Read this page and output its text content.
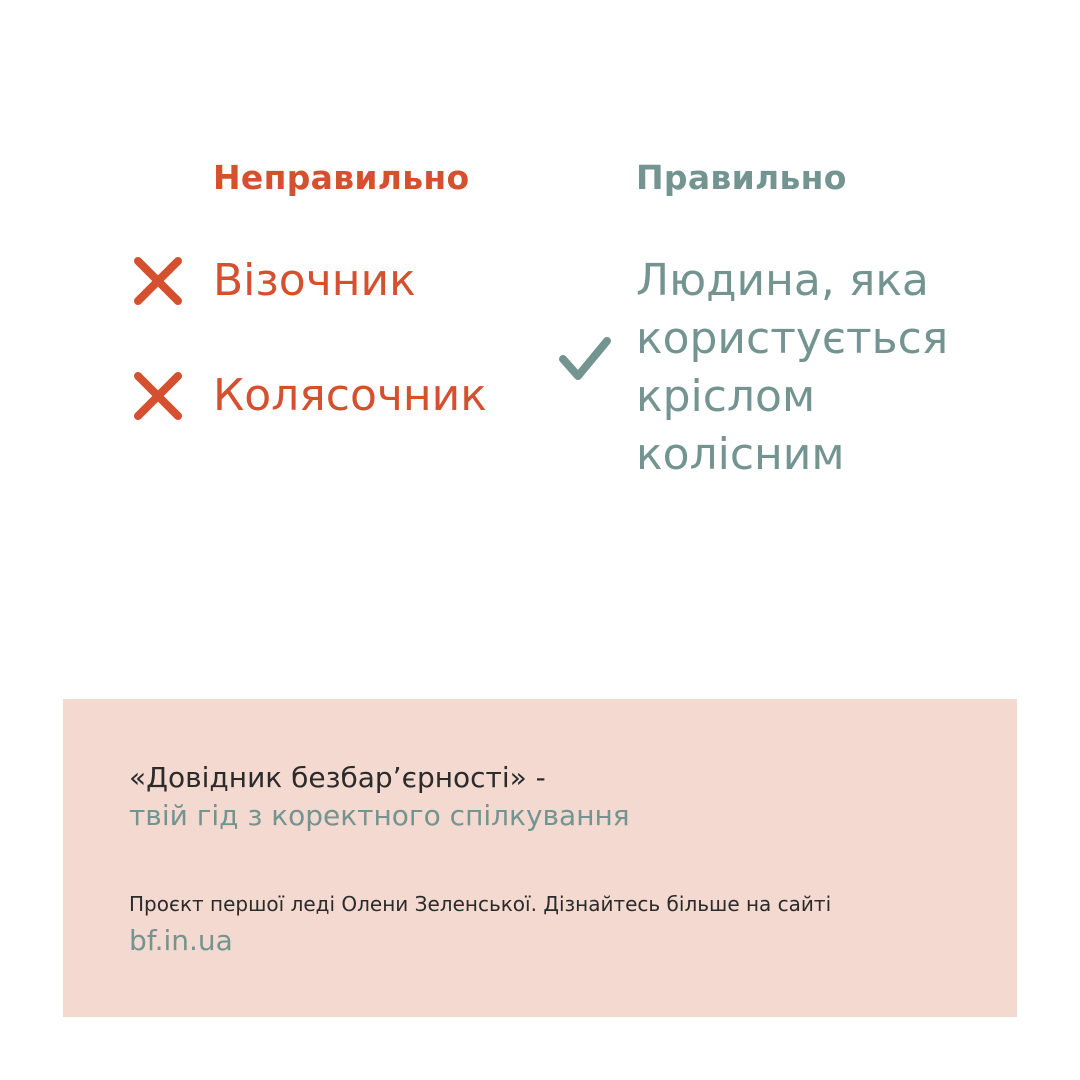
Неправильно	Правильно
Візочник
Колясочник
Людина, яка користується кріслом колісним
«Довідник безбар’єрності» -
твій гід з коректного спілкування
Проєкт першої леді Олени Зеленської. Дізнайтесь більше на сайті
bf.in.ua
